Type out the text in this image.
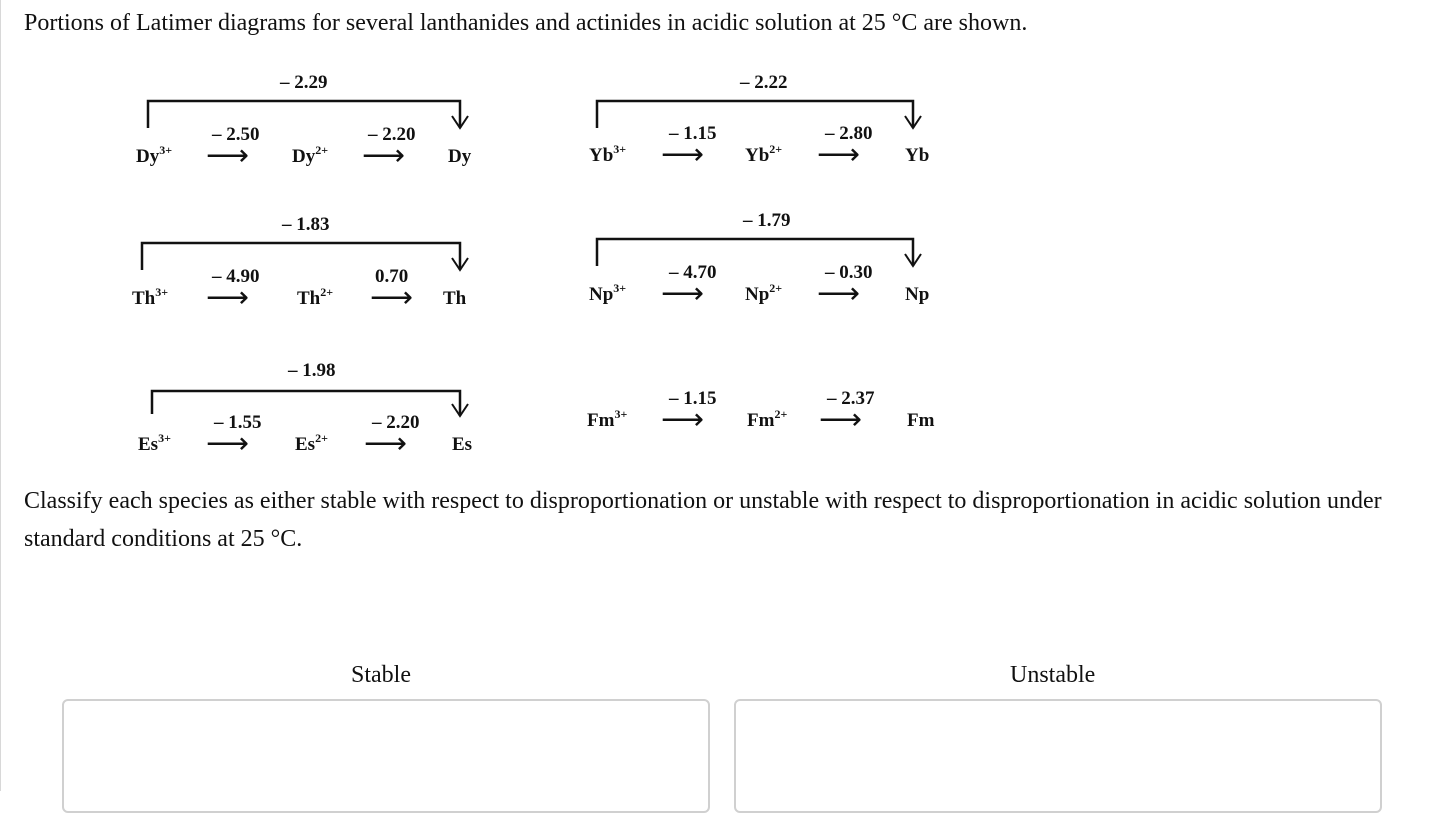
Portions of Latimer diagrams for several lanthanides and actinides in acidic solution at 25 °C are shown.

– 2.29
– 2.50	– 2.20
⟶	⟶
$Dy^{3+}$	$Dy^{2+}$	Dy
– 2.22
– 1.15	– 2.80
⟶	⟶
$Yb^{3+}$	$Yb^{2+}$	Yb
– 1.83
– 4.90	0.70
⟶	⟶
$Th^{3+}$	$Th^{2+}$	Th
– 1.79
– 4.70	– 0.30
⟶	⟶
$Np^{3+}$	$Np^{2+}$	Np
– 1.98
– 1.55	– 2.20
⟶	⟶
$Es^{3+}$	$Es^{2+}$	Es
– 1.15	– 2.37
⟶	⟶
$Fm^{3+}$	$Fm^{2+}$	Fm

Classify each species as either stable with respect to disproportionation or unstable with respect to disproportionation in acidic solution under standard conditions at 25 °C.

Stable	Unstable
